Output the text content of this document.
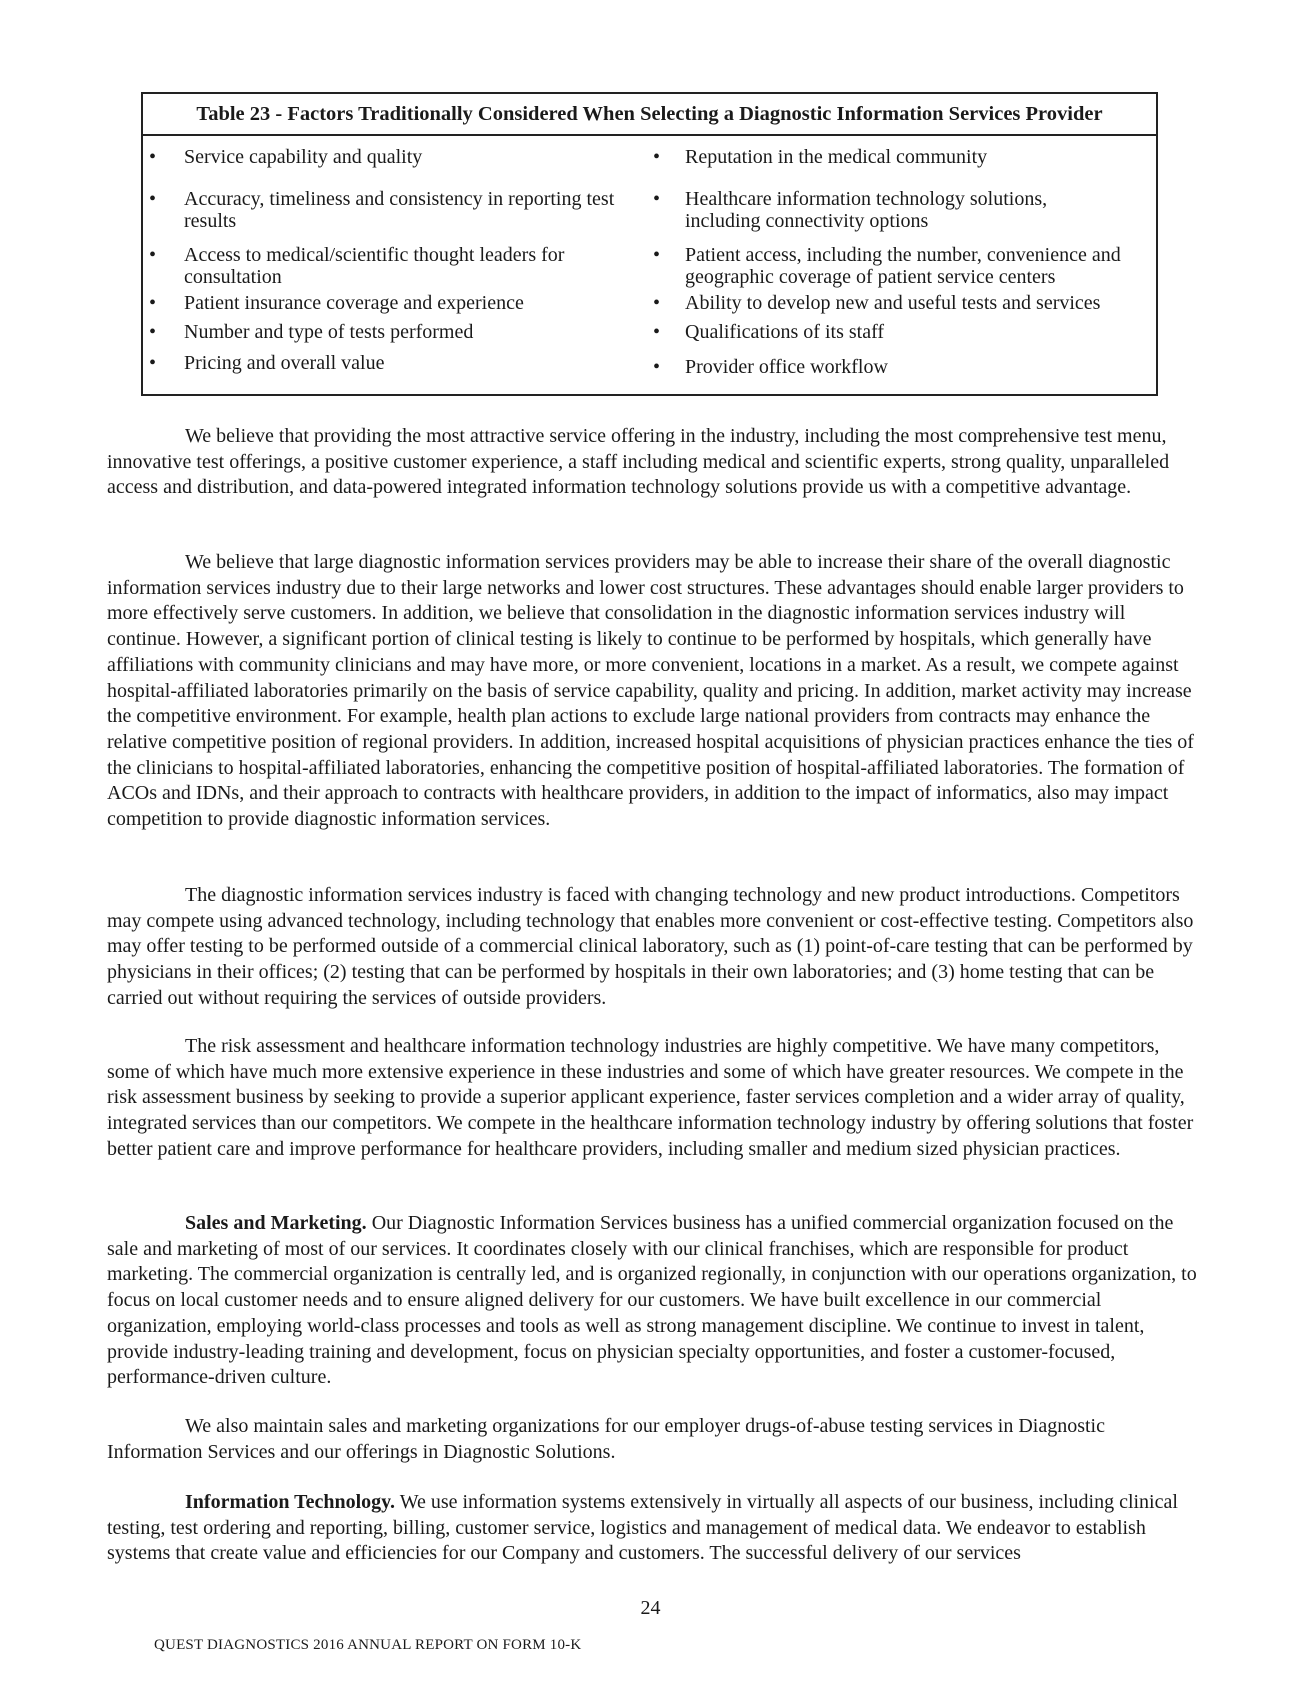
Table 23 - Factors Traditionally Considered When Selecting a Diagnostic Information Services Provider
• Service capability and quality
• Accuracy, timeliness and consistency in reporting test results
• Access to medical/scientific thought leaders for consultation
• Patient insurance coverage and experience
• Number and type of tests performed
• Pricing and overall value
• Reputation in the medical community
• Healthcare information technology solutions, including connectivity options
• Patient access, including the number, convenience and geographic coverage of patient service centers
• Ability to develop new and useful tests and services
• Qualifications of its staff
• Provider office workflow
We believe that providing the most attractive service offering in the industry, including the most comprehensive test menu, innovative test offerings, a positive customer experience, a staff including medical and scientific experts, strong quality, unparalleled access and distribution, and data-powered integrated information technology solutions provide us with a competitive advantage.
We believe that large diagnostic information services providers may be able to increase their share of the overall diagnostic information services industry due to their large networks and lower cost structures. These advantages should enable larger providers to more effectively serve customers. In addition, we believe that consolidation in the diagnostic information services industry will continue. However, a significant portion of clinical testing is likely to continue to be performed by hospitals, which generally have affiliations with community clinicians and may have more, or more convenient, locations in a market. As a result, we compete against hospital-affiliated laboratories primarily on the basis of service capability, quality and pricing. In addition, market activity may increase the competitive environment. For example, health plan actions to exclude large national providers from contracts may enhance the relative competitive position of regional providers. In addition, increased hospital acquisitions of physician practices enhance the ties of the clinicians to hospital-affiliated laboratories, enhancing the competitive position of hospital-affiliated laboratories. The formation of ACOs and IDNs, and their approach to contracts with healthcare providers, in addition to the impact of informatics, also may impact competition to provide diagnostic information services.
The diagnostic information services industry is faced with changing technology and new product introductions. Competitors may compete using advanced technology, including technology that enables more convenient or cost-effective testing. Competitors also may offer testing to be performed outside of a commercial clinical laboratory, such as (1) point-of-care testing that can be performed by physicians in their offices; (2) testing that can be performed by hospitals in their own laboratories; and (3) home testing that can be carried out without requiring the services of outside providers.
The risk assessment and healthcare information technology industries are highly competitive. We have many competitors, some of which have much more extensive experience in these industries and some of which have greater resources. We compete in the risk assessment business by seeking to provide a superior applicant experience, faster services completion and a wider array of quality, integrated services than our competitors. We compete in the healthcare information technology industry by offering solutions that foster better patient care and improve performance for healthcare providers, including smaller and medium sized physician practices.
Sales and Marketing. Our Diagnostic Information Services business has a unified commercial organization focused on the sale and marketing of most of our services. It coordinates closely with our clinical franchises, which are responsible for product marketing. The commercial organization is centrally led, and is organized regionally, in conjunction with our operations organization, to focus on local customer needs and to ensure aligned delivery for our customers. We have built excellence in our commercial organization, employing world-class processes and tools as well as strong management discipline. We continue to invest in talent, provide industry-leading training and development, focus on physician specialty opportunities, and foster a customer-focused, performance-driven culture.
We also maintain sales and marketing organizations for our employer drugs-of-abuse testing services in Diagnostic Information Services and our offerings in Diagnostic Solutions.
Information Technology. We use information systems extensively in virtually all aspects of our business, including clinical testing, test ordering and reporting, billing, customer service, logistics and management of medical data. We endeavor to establish systems that create value and efficiencies for our Company and customers. The successful delivery of our services
24
QUEST DIAGNOSTICS 2016 ANNUAL REPORT ON FORM 10-K
